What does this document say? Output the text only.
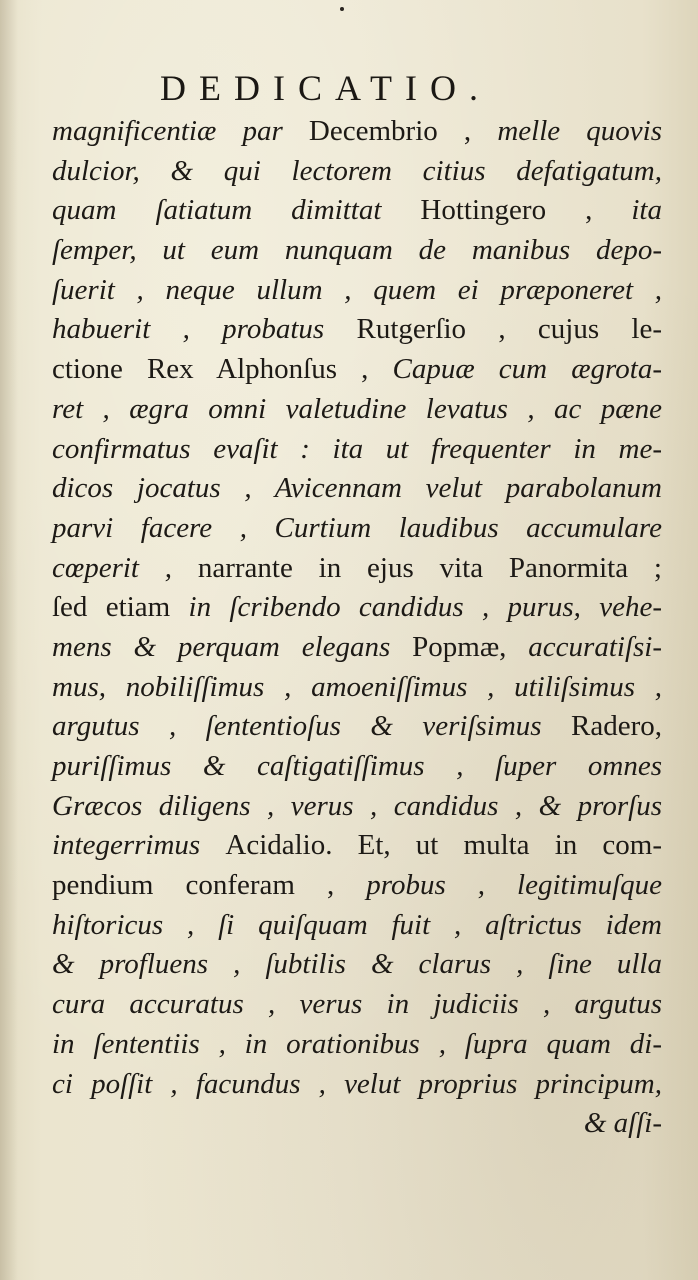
DEDICATIO.
magnificentiæ par Decembrio , melle quovis
dulcior, & qui lectorem citius defatigatum,
quam ſatiatum dimittat Hottingero , ita
ſemper, ut eum nunquam de manibus depo-
ſuerit , neque ullum , quem ei præponeret ,
habuerit , probatus Rutgerſio , cujus le-
ctione Rex Alphonſus , Capuæ cum ægrota-
ret , ægra omni valetudine levatus , ac pæne
confirmatus evaſit : ita ut frequenter in me-
dicos jocatus , Avicennam velut parabolanum
parvi facere , Curtium laudibus accumulare
cœperit , narrante in ejus vita Panormita ;
ſed etiam in ſcribendo candidus , purus, vehe-
mens & perquam elegans Popmæ, accuratiſsi-
mus, nobiliſſimus , amoeniſſimus , utiliſsimus ,
argutus , ſententioſus & veriſsimus Radero,
puriſſimus & caſtigatiſſimus , ſuper omnes
Græcos diligens , verus , candidus , & prorſus
integerrimus Acidalio. Et, ut multa in com-
pendium conferam , probus , legitimuſque
hiſtoricus , ſi quiſquam fuit , aſtrictus idem
& profluens , ſubtilis & clarus , ſine ulla
cura accuratus , verus in judiciis , argutus
in ſententiis , in orationibus , ſupra quam di-
ci poſſit , facundus , velut proprius principum,
& aſſi-
